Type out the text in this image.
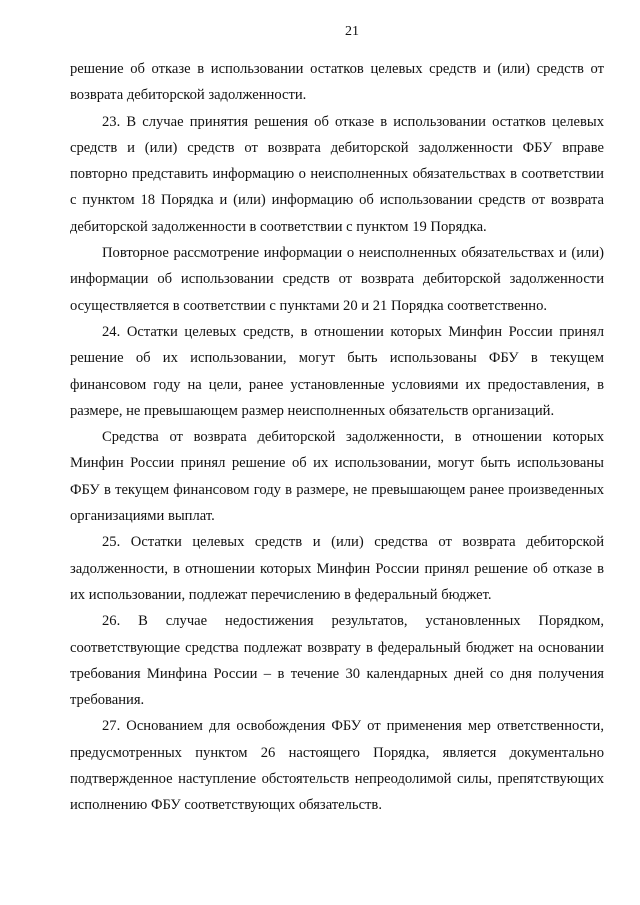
21

решение об отказе в использовании остатков целевых средств и (или) средств от возврата дебиторской задолженности.

23. В случае принятия решения об отказе в использовании остатков целевых средств и (или) средств от возврата дебиторской задолженности ФБУ вправе повторно представить информацию о неисполненных обязательствах в соответствии с пунктом 18 Порядка и (или) информацию об использовании средств от возврата дебиторской задолженности в соответствии с пунктом 19 Порядка.

Повторное рассмотрение информации о неисполненных обязательствах и (или) информации об использовании средств от возврата дебиторской задолженности осуществляется в соответствии с пунктами 20 и 21 Порядка соответственно.

24. Остатки целевых средств, в отношении которых Минфин России принял решение об их использовании, могут быть использованы ФБУ в текущем финансовом году на цели, ранее установленные условиями их предоставления, в размере, не превышающем размер неисполненных обязательств организаций.

Средства от возврата дебиторской задолженности, в отношении которых Минфин России принял решение об их использовании, могут быть использованы ФБУ в текущем финансовом году в размере, не превышающем ранее произведенных организациями выплат.

25. Остатки целевых средств и (или) средства от возврата дебиторской задолженности, в отношении которых Минфин России принял решение об отказе в их использовании, подлежат перечислению в федеральный бюджет.

26. В случае недостижения результатов, установленных Порядком, соответствующие средства подлежат возврату в федеральный бюджет на основании требования Минфина России – в течение 30 календарных дней со дня получения требования.

27. Основанием для освобождения ФБУ от применения мер ответственности, предусмотренных пунктом 26 настоящего Порядка, является документально подтвержденное наступление обстоятельств непреодолимой силы, препятствующих исполнению ФБУ соответствующих обязательств.
